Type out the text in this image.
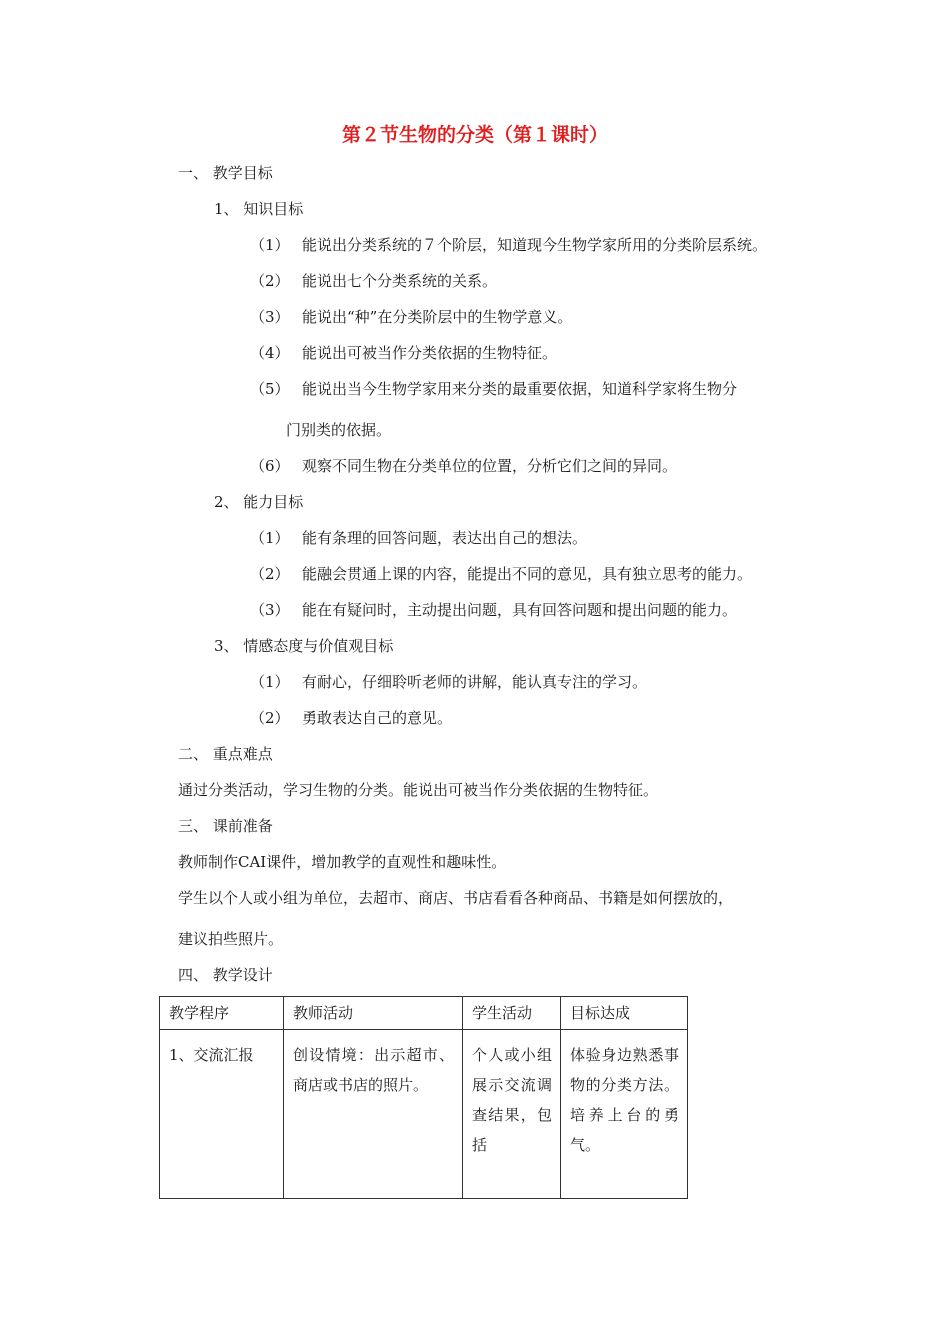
第２节生物的分类（第１课时）
一、 教学目标
1、 知识目标
（1） 能说出分类系统的７个阶层，知道现今生物学家所用的分类阶层系统。
（2） 能说出七个分类系统的关系。
（3） 能说出“种”在分类阶层中的生物学意义。
（4） 能说出可被当作分类依据的生物特征。
（5） 能说出当今生物学家用来分类的最重要依据，知道科学家将生物分
门别类的依据。
（6） 观察不同生物在分类单位的位置，分析它们之间的异同。
2、 能力目标
（1） 能有条理的回答问题，表达出自己的想法。
（2） 能融会贯通上课的内容，能提出不同的意见，具有独立思考的能力。
（3） 能在有疑问时，主动提出问题，具有回答问题和提出问题的能力。
3、 情感态度与价值观目标
（1） 有耐心，仔细聆听老师的讲解，能认真专注的学习。
（2） 勇敢表达自己的意见。
二、 重点难点
通过分类活动，学习生物的分类。能说出可被当作分类依据的生物特征。
三、 课前准备
教师制作CAI课件，增加教学的直观性和趣味性。
学生以个人或小组为单位，去超市、商店、书店看看各种商品、书籍是如何摆放的，
建议拍些照片。
四、 教学设计
教学程序	教师活动	学生活动	目标达成
1、交流汇报	创设情境：出示超市、商店或书店的照片。	个人或小组展示交流调查结果，包括	体验身边熟悉事物的分类方法。培养上台的勇气。
